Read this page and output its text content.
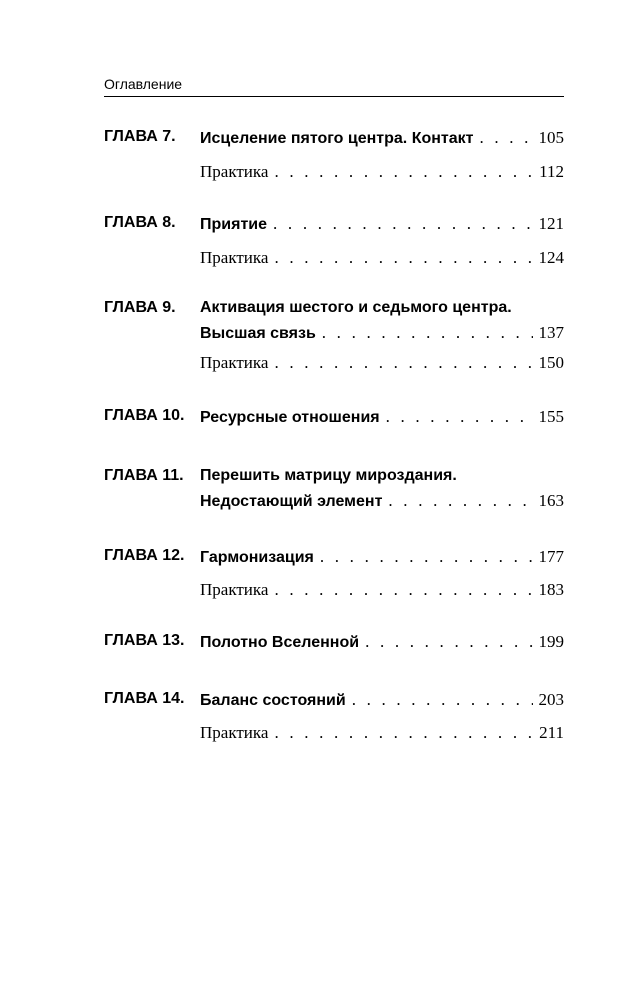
Оглавление
ГЛАВА 7. Исцеление пятого центра. Контакт . . .	105
Практика . . .	112
ГЛАВА 8. Приятие . . .	121
Практика . . .	124
ГЛАВА 9. Активация шестого и седьмого центра.
Высшая связь . . .	137
Практика . . .	150
ГЛАВА 10. Ресурсные отношения . . .	155
ГЛАВА 11. Перешить матрицу мироздания.
Недостающий элемент . . .	163
ГЛАВА 12. Гармонизация . . .	177
Практика . . .	183
ГЛАВА 13. Полотно Вселенной . . .	199
ГЛАВА 14. Баланс состояний . . .	203
Практика . . .	211
